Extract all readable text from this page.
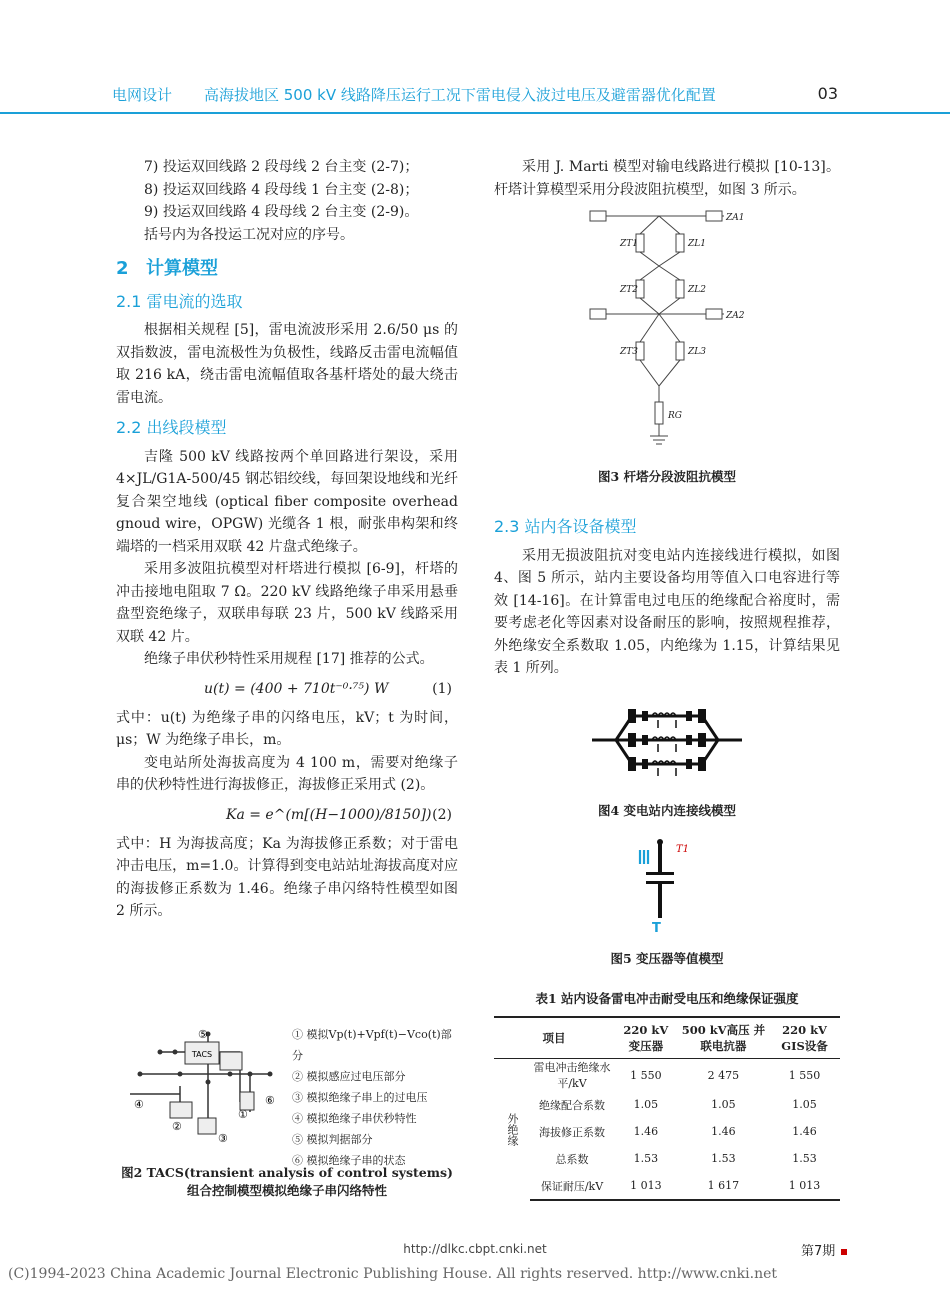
电网设计 高海拔地区 500 kV 线路降压运行工况下雷电侵入波过电压及避雷器优化配置	03

7) 投运双回线路 2 段母线 2 台主变 (2-7)；

8) 投运双回线路 4 段母线 1 台主变 (2-8)；

9) 投运双回线路 4 段母线 2 台主变 (2-9)。

括号内为各投运工况对应的序号。

2 计算模型
2.1 雷电流的选取

根据相关规程 [5]，雷电流波形采用 2.6/50 μs 的双指数波，雷电流极性为负极性，线路反击雷电流幅值取 216 kA，绕击雷电流幅值取各基杆塔处的最大绕击雷电流。

2.2 出线段模型

吉隆 500 kV 线路按两个单回路进行架设，采用 4×JL/G1A-500/45 钢芯铝绞线，每回架设地线和光纤复合架空地线 (optical fiber composite overhead gnoud wire，OPGW) 光缆各 1 根，耐张串构架和终端塔的一档采用双联 42 片盘式绝缘子。

采用多波阻抗模型对杆塔进行模拟 [6-9]，杆塔的冲击接地电阻取 7 Ω。220 kV 线路绝缘子串采用悬垂盘型瓷绝缘子，双联串每联 23 片，500 kV 线路采用双联 42 片。

绝缘子串伏秒特性采用规程 [17] 推荐的公式。

u(t) = (400 + 710t⁻⁰·⁷⁵) W	(1)

式中：u(t) 为绝缘子串的闪络电压，kV；t 为时间，μs；W 为绝缘子串长，m。

变电站所处海拔高度为 4 100 m，需要对绝缘子串的伏秒特性进行海拔修正，海拔修正采用式 (2)。

Ka = e^(m[(H−1000)/8150]) (2)

式中：H 为海拔高度；Ka 为海拔修正系数；对于雷电冲击电压，m=1.0。计算得到变电站站址海拔高度对应的海拔修正系数为 1.46。绝缘子串闪络特性模型如图 2 所示。

TACS
⑤
⑥
④
②
①
③
① 模拟Vp(t)+Vpf(t)−Vco(t)部分
② 模拟感应过电压部分
③ 模拟绝缘子串上的过电压
④ 模拟绝缘子串伏秒特性
⑤ 模拟判据部分
⑥ 模拟绝缘子串的状态
图2 TACS(transient analysis of control systems)组合控制模型模拟绝缘子串闪络特性

采用 J. Marti 模型对输电线路进行模拟 [10-13]。杆塔计算模型采用分段波阻抗模型，如图 3 所示。

ZA1
ZT1	ZL1
ZT2	ZL2
ZA2
ZT3	ZL3
RG
图3 杆塔分段波阻抗模型
2.3 站内各设备模型

采用无损波阻抗对变电站内连接线进行模拟，如图 4、图 5 所示，站内主要设备均用等值入口电容进行等效 [14-16]。在计算雷电过电压的绝缘配合裕度时，需要考虑老化等因素对设备耐压的影响，按照规程推荐，外绝缘安全系数取 1.05，内绝缘为 1.15，计算结果见表 1 所列。

图4 变电站内连接线模型
T1
T
图5 变压器等值模型
表1 站内设备雷电冲击耐受电压和绝缘保证强度
项目		220 kV 变压器	500 kV高压 并联电抗器	220 kV GIS设备
外绝缘	雷电冲击绝缘水平/kV	1 550	2 475	1 550
	绝缘配合系数	1.05	1.05	1.05
	海拔修正系数	1.46	1.46	1.46
	总系数	1.53	1.53	1.53
	保证耐压/kV	1 013	1 617	1 013
http://dlkc.cbpt.cnki.net	第7期
(C)1994-2023 China Academic Journal Electronic Publishing House. All rights reserved. http://www.cnki.net
